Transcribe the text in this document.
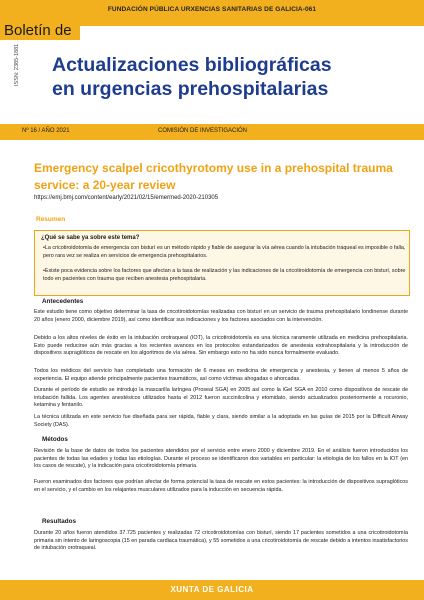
FUNDACIÓN PÚBLICA URXENCIAS SANITARIAS DE GALICIA-061
Boletín de
ISSN: 2385-1881 Actualizaciones bibliográficas
en urgencias prehospitalarias
Nº 16 / AÑO 2021	COMISIÓN DE INVESTIGACIÓN
Emergency scalpel cricothyrotomy use in a prehospital trauma service: a 20-year review
https://emj.bmj.com/content/early/2021/02/15/emermed-2020-210305
Resumen
¿Qué se sabe ya sobre este tema?
•La cricotiroidotomía de emergencia con bisturí es un método rápido y fiable de asegurar la vía aérea cuando la intubación traqueal es imposible o falla, pero rara vez se realiza en servicios de emergencia prehospitalarios.
•Existe poca evidencia sobre los factores que afectan a la tasa de realización y las indicaciones de la cricotiroidotomía de emergencia con bisturí, sobre todo en pacientes con trauma que reciben anestesia prehospitalaria.
Antecedentes
Este estudio tiene como objetivo determinar la tasa de cricotiroidotomías realizadas con bisturí en un servicio de trauma prehospitalario londinense durante 20 años (enero 2000, diciembre 2019), así como identificar sus indicaciones y los factores asociados con la intervención.
Debido a los altos niveles de éxito en la intubación orotraqueal (IOT), la cricotiroidotomía es una técnica raramente utilizada en medicina prehospitalaria. Esto puede reducirse aún más gracias a los recientes avances en los protocolos estandarizados de anestesia extrahospitalaria y la introducción de dispositivos supraglóticos de rescate en los algoritmos de vía aérea. Sin embargo esto no ha sido nunca formalmente evaluado.
Todos los médicos del servicio han completado una formación de 6 meses en medicina de emergencia y anestesia, y tienen al menos 5 años de experiencia. El equipo atiende principalmente pacientes traumáticos, así como víctimas ahogadas o ahorcadas.
Durante el período de estudio se introdujo la mascarilla laríngea (Proseal SGA) en 2005 así como la iGel SGA en 2010 como dispositivos de rescate de intubación fallida. Los agentes anestésicos utilizados hasta el 2012 fueron succinilcolina y etomidato, siendo actualizados posteriormente a rocuronio, ketamina y fentanilo.
La técnica utilizada en este servicio fue diseñada para ser rápida, fiable y clara, siendo similar a la adoptada en las guías de 2015 por la Difficult Airway Society (DAS).
Métodos
Revisión de la base de datos de todos los pacientes atendidos por el servicio entre enero 2000 y diciembre 2019. En el análisis fueron introducidos los pacientes de todas las edades y todas las etiologías. Durante el proceso se identificaron dos variables en particular: la etiología de los fallos en la IOT (en los casos de rescate), y la indicación para cricotiroidotomía primaria.
Fueron examinados dos factores que podrían afectar de forma potencial la tasa de rescate en estos pacientes: la introducción de dispositivos supraglóticos en el servicio, y el cambio en los relajantes musculares utilizados para la inducción en secuencia rápida.
Resultados
Durante 20 años fueron atendidos 37.725 pacientes y realizadas 72 cricotiroidotomías con bisturí, siendo 17 pacientes sometidos a una cricotiroidotomía primaria sin intento de laringoscopia (15 en parada cardiaca traumática), y 55 sometidos a una cricotiroidotomía de rescate debido a intentos insatisfactorios de intubación orotraqueal.
XUNTA DE GALICIA
